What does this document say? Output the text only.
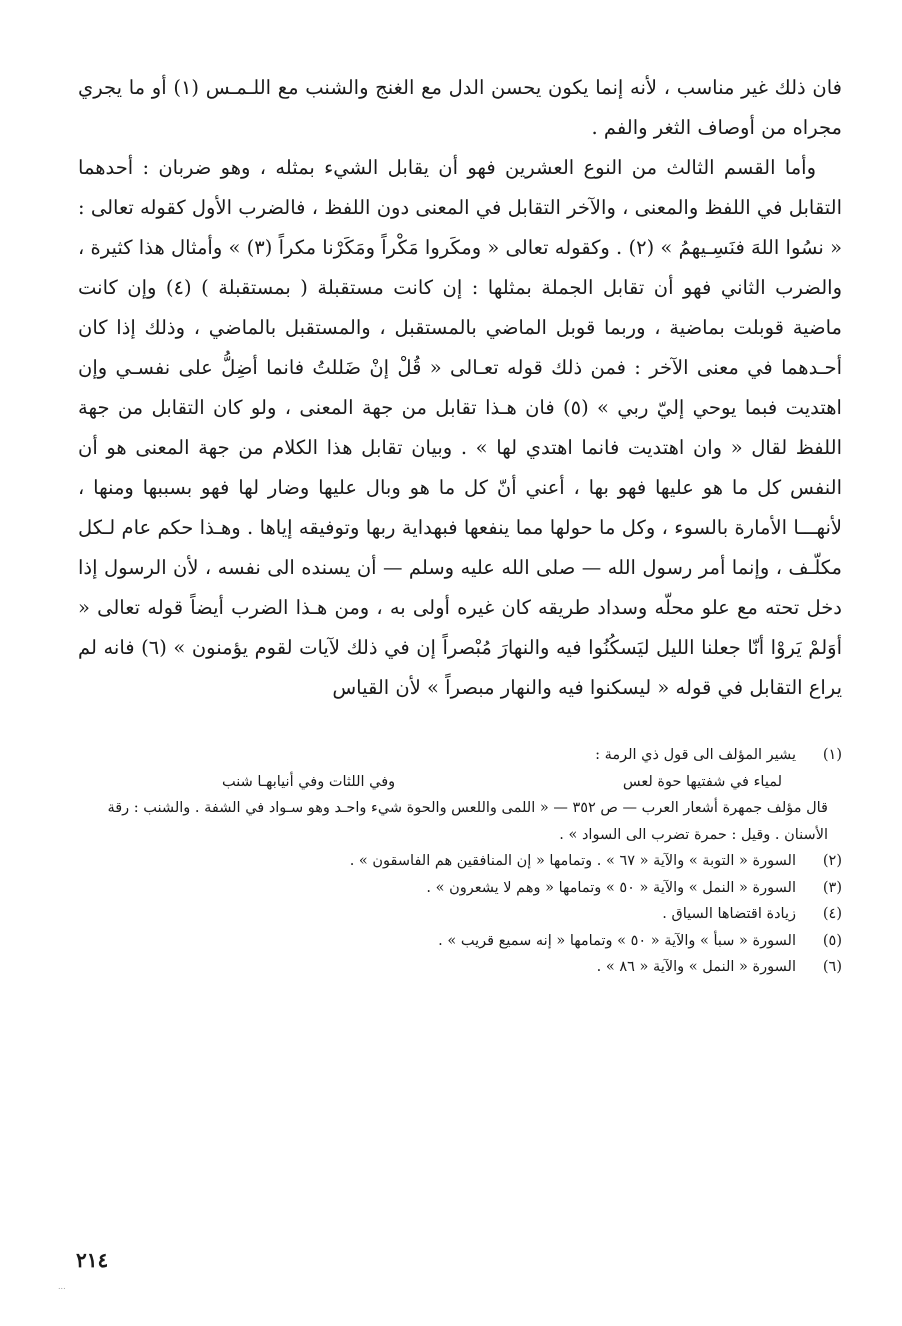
فان ذلك غير مناسب ، لأنه إنما يكون يحسن الدل مع الغنج والشنب مع اللـمـس (١) أو ما يجري مجراه من أوصاف الثغر والفم .

وأما القسم الثالث من النوع العشرين فهو أن يقابل الشيء بمثله ، وهو ضربان : أحدهما التقابل في اللفظ والمعنى ، والآخر التقابل في المعنى دون اللفظ ، فالضرب الأول كقوله تعالى : « نسُوا اللهَ فنَسِـيهمُ » (٢) . وكقوله تعالى « ومكَروا مَكْراً ومَكَرْنا مكراً (٣) » وأمثال هذا كثيرة ، والضرب الثاني فهو أن تقابل الجملة بمثلها : إن كانت مستقبلة ( بمستقبلة ) (٤) وإن كانت ماضية قوبلت بماضية ، وربما قوبل الماضي بالمستقبل ، والمستقبل بالماضي ، وذلك إذا كان أحـدهما في معنى الآخر : فمن ذلك قوله تعـالى « قُلْ إنْ ضَللتُ فانما أضِلُّ على نفسـي وإن اهتديت فبما يوحي إليّ ربي » (٥) فان هـذا تقابل من جهة المعنى ، ولو كان التقابل من جهة اللفظ لقال « وان اهتديت فانما اهتدي لها » . وبيان تقابل هذا الكلام من جهة المعنى هو أن النفس كل ما هو عليها فهو بها ، أعني أنّ كل ما هو وبال عليها وضار لها فهو بسببها ومنها ، لأنهـــا الأمارة بالسوء ، وكل ما حولها مما ينفعها فبهداية ربها وتوفيقه إياها . وهـذا حكم عام لـكل مكلّـف ، وإنما أمر رسول الله — صلى الله عليه وسلم — أن يسنده الى نفسه ، لأن الرسول إذا دخل تحته مع علو محلّه وسداد طريقه كان غيره أولى به ، ومن هـذا الضرب أيضاً قوله تعالى « أوَلمْ يَروْا أنّا جعلنا الليل ليَسكُنُوا فيه والنهارَ مُبْصراً إن في ذلك لآيات لقوم يؤمنون » (٦) فانه لم يراع التقابل في قوله « ليسكنوا فيه والنهار مبصراً » لأن القياس

(١)
يشير المؤلف الى قول ذي الرمة :
لمياء في شفتيها حوة لعس
وفي اللثات وفي أنيابهـا شنب
قال مؤلف جمهرة أشعار العرب — ص ٣٥٢ — « اللمى واللعس والحوة شيء واحـد وهو سـواد في الشفة . والشنب : رقة الأسنان . وقيل : حمرة تضرب الى السواد » .
(٢)
السورة « التوبة » والآية « ٦٧ » . وتمامها « إن المنافقين هم الفاسقون » .
(٣)
السورة « النمل » والآية « ٥٠ » وتمامها « وهم لا يشعرون » .
(٤)
زيادة اقتضاها السياق .
(٥)
السورة « سبأ » والآية « ٥٠ » وتمامها « إنه سميع قريب » .
(٦)
السورة « النمل » والآية « ٨٦ » .
٢١٤
...
